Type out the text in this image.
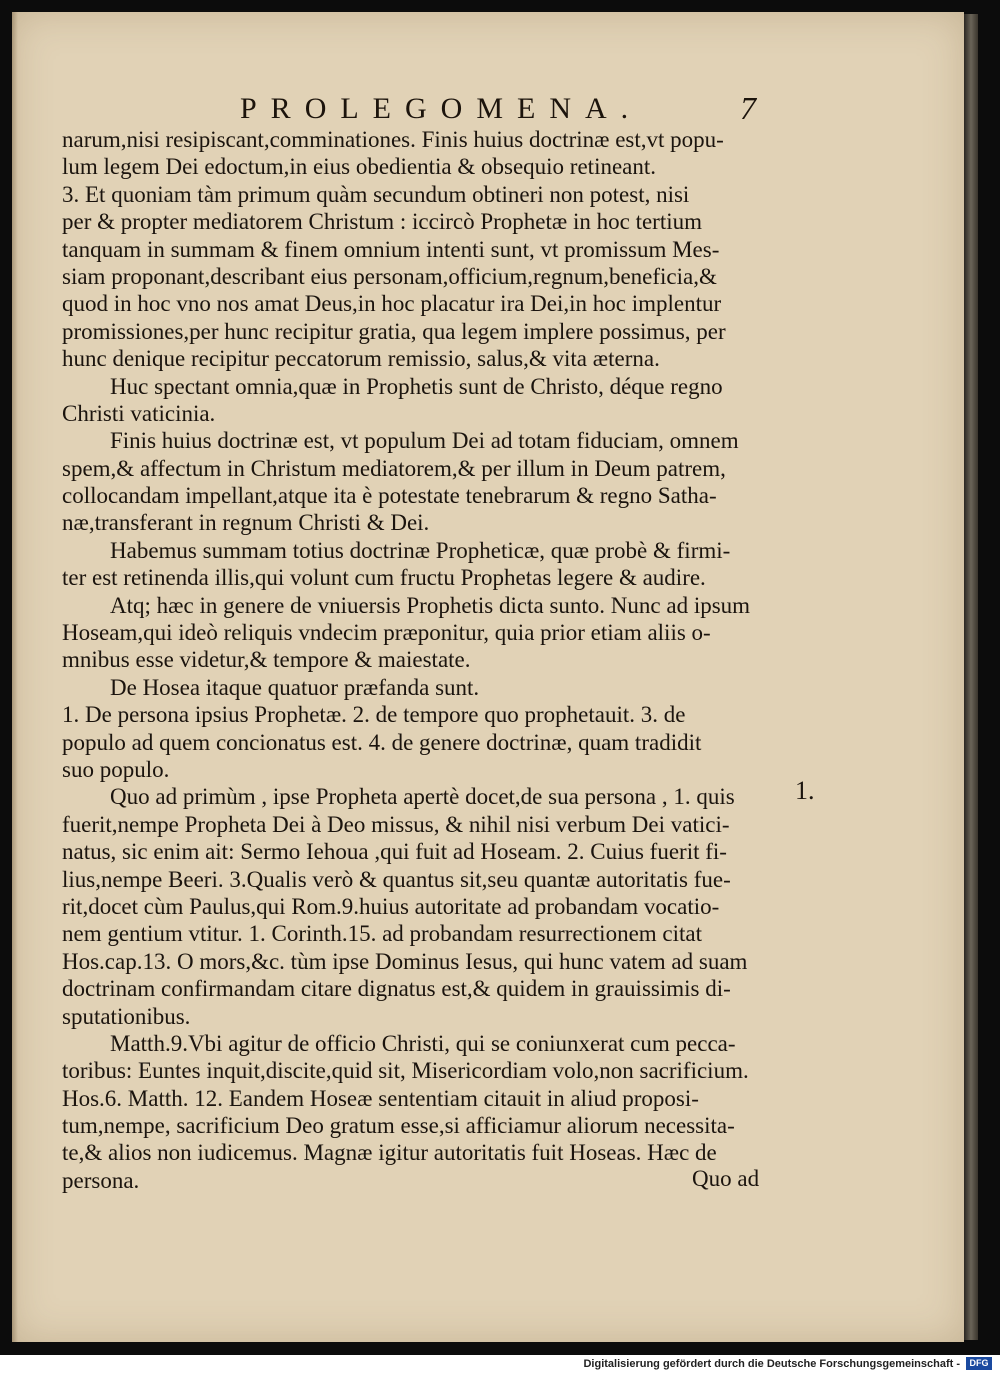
PROLEGOMENA.	7
narum,nisi resipiscant,comminationes. Finis huius doctrinæ est,vt popu-
lum legem Dei edoctum,in eius obedientia & obsequio retineant.
3. Et quoniam tàm primum quàm secundum obtineri non potest, nisi
per & propter mediatorem Christum : iccircò Prophetæ in hoc tertium
tanquam in summam & finem omnium intenti sunt, vt promissum Mes-
siam proponant,describant eius personam,officium,regnum,beneficia,&
quod in hoc vno nos amat Deus,in hoc placatur ira Dei,in hoc implentur
promissiones,per hunc recipitur gratia, qua legem implere possimus, per
hunc denique recipitur peccatorum remissio, salus,& vita æterna.
Huc spectant omnia,quæ in Prophetis sunt de Christo, déque regno
Christi vaticinia.
Finis huius doctrinæ est, vt populum Dei ad totam fiduciam, omnem
spem,& affectum in Christum mediatorem,& per illum in Deum patrem,
collocandam impellant,atque ita è potestate tenebrarum & regno Satha-
næ,transferant in regnum Christi & Dei.
Habemus summam totius doctrinæ Propheticæ, quæ probè & firmi-
ter est retinenda illis,qui volunt cum fructu Prophetas legere & audire.
Atq; hæc in genere de vniuersis Prophetis dicta sunto. Nunc ad ipsum
Hoseam,qui ideò reliquis vndecim præponitur, quia prior etiam aliis o-
mnibus esse videtur,& tempore & maiestate.
De Hosea itaque quatuor præfanda sunt.
1. De persona ipsius Prophetæ. 2. de tempore quo prophetauit. 3. de
populo ad quem concionatus est. 4. de genere doctrinæ, quam tradidit
suo populo.
Quo ad primùm , ipse Propheta apertè docet,de sua persona , 1. quis
fuerit,nempe Propheta Dei à Deo missus, & nihil nisi verbum Dei vatici-
natus, sic enim ait: Sermo Iehoua ,qui fuit ad Hoseam. 2. Cuius fuerit fi-
lius,nempe Beeri. 3.Qualis verò & quantus sit,seu quantæ autoritatis fue-
rit,docet cùm Paulus,qui Rom.9.huius autoritate ad probandam vocatio-
nem gentium vtitur. 1. Corinth.15. ad probandam resurrectionem citat
Hos.cap.13. O mors,&c. tùm ipse Dominus Iesus, qui hunc vatem ad suam
doctrinam confirmandam citare dignatus est,& quidem in grauissimis di-
sputationibus.
Matth.9.Vbi agitur de officio Christi, qui se coniunxerat cum pecca-
toribus: Euntes inquit,discite,quid sit, Misericordiam volo,non sacrificium.
Hos.6. Matth. 12. Eandem Hoseæ sententiam citauit in aliud proposi-
tum,nempe, sacrificium Deo gratum esse,si afficiamur aliorum necessita-
te,& alios non iudicemus. Magnæ igitur autoritatis fuit Hoseas. Hæc de
persona.
1.
Quo ad
Digitalisierung gefördert durch die Deutsche Forschungsgemeinschaft -	DFG
